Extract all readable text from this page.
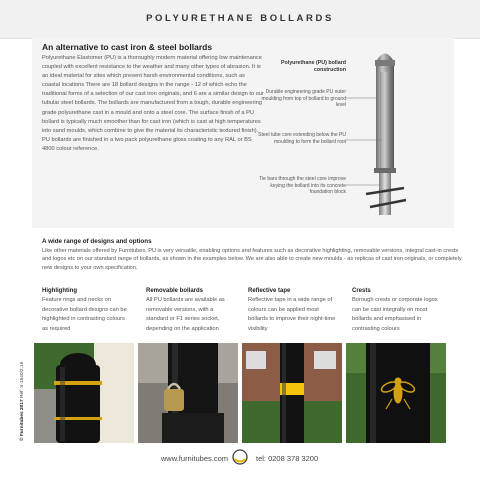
POLYURETHANE BOLLARDS
An alternative to cast iron & steel bollards
Polyurethane Elastomer (PU) is a thoroughly modern material offering low maintenance coupled with excellent resistance to the weather and many other types of abrasion. It is an ideal material for sites which present harsh environmental conditions, such as coastal locations There are 18 bollard designs in the range - 12 of which echo the traditional forms of a selection of our cast iron originals, and 6 are a similar design to our tubular steel bollards. The bollards are manufactured from a tough, durable engineering grade polyurethane cast in a mould and onto a steel core. The surface finish of a PU bollard is typically much smoother than for cast iron (which is cast at high temperatures into sand moulds, which combine to give the material its characteristic textured finish). PU bollards are finished in a two pack polyurethane gloss coating to any RAL or BS 4800 colour reference.
Polyurethane (PU) bollard construction
Durable engineering grade PU outer moulding from top of bollard to ground level
Steel tube core extending below the PU moulding to form the bollard root
Tie bars through the steel core improve keying the bollard into its concrete foundation block
A wide range of designs and options
Like other materials offered by Furnitubes, PU is very versatile, enabling options and features such as decorative highlighting, removable versions, integral cast-in crests and logos etc on our standard range of bollards, as shown in the examples below. We are also able to create new moulds - as replicas of cast iron originals, or completely new designs to your own specification.
Highlighting
Feature rings and necks on decorative bollard designs can be highlighted in contrasting colours as required
Removable bollards
All PU bollards are available as removable versions, with a standard or F1 series socket, depending on the application
Reflective tape
Reflective tape in a wide range of colours can be applied most bollards to improve their night-time visibility
Crests
Borough crests or corporate logos can be cast integrally on most bollards and emphasised in contrasting colours
© Furnitubes 2017 Ref: S-1540/2.16
www.furnitubes.com	tel: 0208 378 3200
